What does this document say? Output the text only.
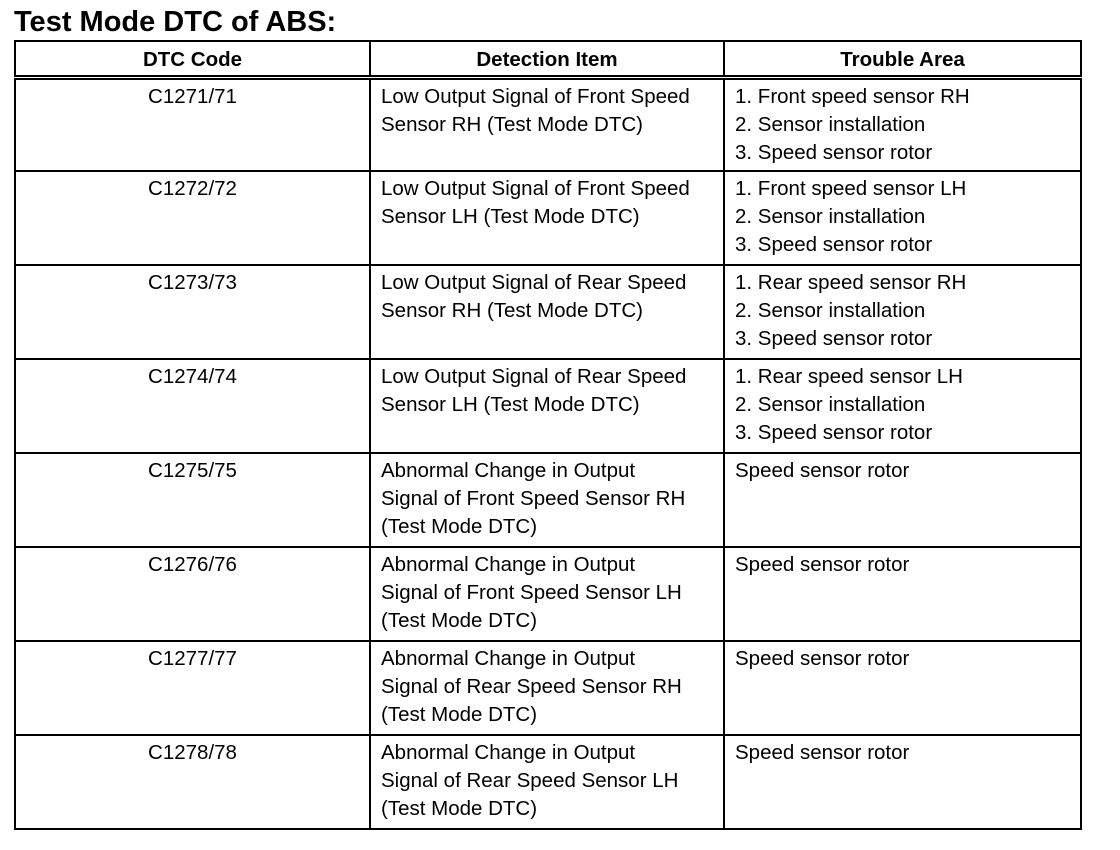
Test Mode DTC of ABS:
DTC Code	Detection Item	Trouble Area

C1271/71	Low Output Signal of Front Speed
Sensor RH (Test Mode DTC)	1. Front speed sensor RH
2. Sensor installation
3. Speed sensor rotor

C1272/72	Low Output Signal of Front Speed
Sensor LH (Test Mode DTC)	1. Front speed sensor LH
2. Sensor installation
3. Speed sensor rotor

C1273/73	Low Output Signal of Rear Speed
Sensor RH (Test Mode DTC)	1. Rear speed sensor RH
2. Sensor installation
3. Speed sensor rotor

C1274/74	Low Output Signal of Rear Speed
Sensor LH (Test Mode DTC)	1. Rear speed sensor LH
2. Sensor installation
3. Speed sensor rotor

C1275/75	Abnormal Change in Output
Signal of Front Speed Sensor RH
(Test Mode DTC)	Speed sensor rotor

C1276/76	Abnormal Change in Output
Signal of Front Speed Sensor LH
(Test Mode DTC)	Speed sensor rotor

C1277/77	Abnormal Change in Output
Signal of Rear Speed Sensor RH
(Test Mode DTC)	Speed sensor rotor

C1278/78	Abnormal Change in Output
Signal of Rear Speed Sensor LH
(Test Mode DTC)	Speed sensor rotor
